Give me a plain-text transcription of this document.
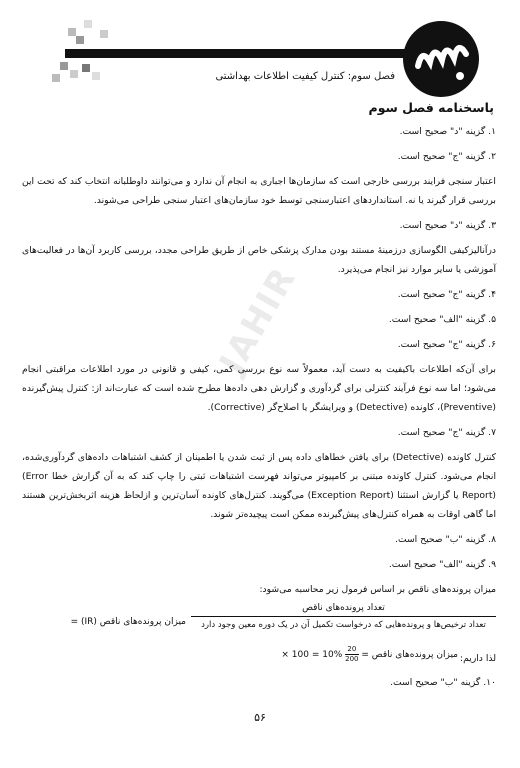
فصل سوم: کنترل کیفیت اطلاعات بهداشتی
پاسخنامه فصل سوم
JAHIR
۱. گزینه "د" صحیح است.
۲. گزینه "ج" صحیح است.
اعتبار سنجی فرایند بررسی خارجی است که سازمان‌ها اجباری به انجام آن ندارد و می‌توانند داوطلبانه انتخاب کند که تحت این بررسی قرار گیرند یا نه. استانداردهای اعتبارسنجی توسط خود سازمان‌های اعتبار سنجی طراحی می‌شوند.
۳. گزینه "د" صحیح است.
درآنالیزکیفی الگوسازی درزمینهٔ مستند بودن مدارک پزشکی خاص از طریق طراحی مجدد، بررسی کاربرد آن‌ها در فعالیت‌های آموزشی یا سایر موارد نیز انجام می‌پذیرد.
۴. گزینه "ج" صحیح است.
۵. گزینه "الف" صحیح است.
۶. گزینه "ج" صحیح است.
برای آن‌که اطلاعات باکیفیت به دست آید، معمولاً سه نوع بررسی کمی، کیفی و قانونی در مورد اطلاعات مراقبتی انجام می‌شود؛ اما سه نوع فرآیند کنترلی برای گردآوری و گزارش دهی داده‌ها مطرح شده است که عبارت‌اند از: کنترل پیش‌گیرنده (Preventive)، کاونده (Detective) و ویرایشگر یا اصلاح‌گر (Corrective).
۷. گزینه "ج" صحیح است.
کنترل کاونده (Detective) برای یافتن خطاهای داده پس از ثبت شدن یا اطمینان از کشف اشتباهات داده‌های گردآوری‌شده، انجام می‌شود. کنترل کاونده مبتنی بر کامپیوتر می‌تواند فهرست اشتباهات ثبتی را چاپ کند که به آن گزارش خطا (Error Report) یا گزارش استثنا (Exception Report) می‌گویند. کنترل‌های کاونده آسان‌ترین و ازلحاظ هزینه اثربخش‌ترین هستند اما گاهی اوقات به همراه کنترل‌های پیش‌گیرنده ممکن است پیچیده‌تر شوند.
۸. گزینه "ب" صحیح است.
۹. گزینه "الف" صحیح است.
میزان پرونده‌های ناقص بر اساس فرمول زیر محاسبه می‌شود:
تعداد پرونده‌های ناقص
تعداد ترخیص‌ها و پرونده‌هایی که درخواست تکمیل آن در یک دوره معین وجود دارد
میزان پرونده‌های ناقص (IR) =
لذا داریم:
× $100 = 10\% \frac{20}{200}$ میزان پرونده‌های ناقص =
۱۰. گزینه "ب" صحیح است.
۵۶
